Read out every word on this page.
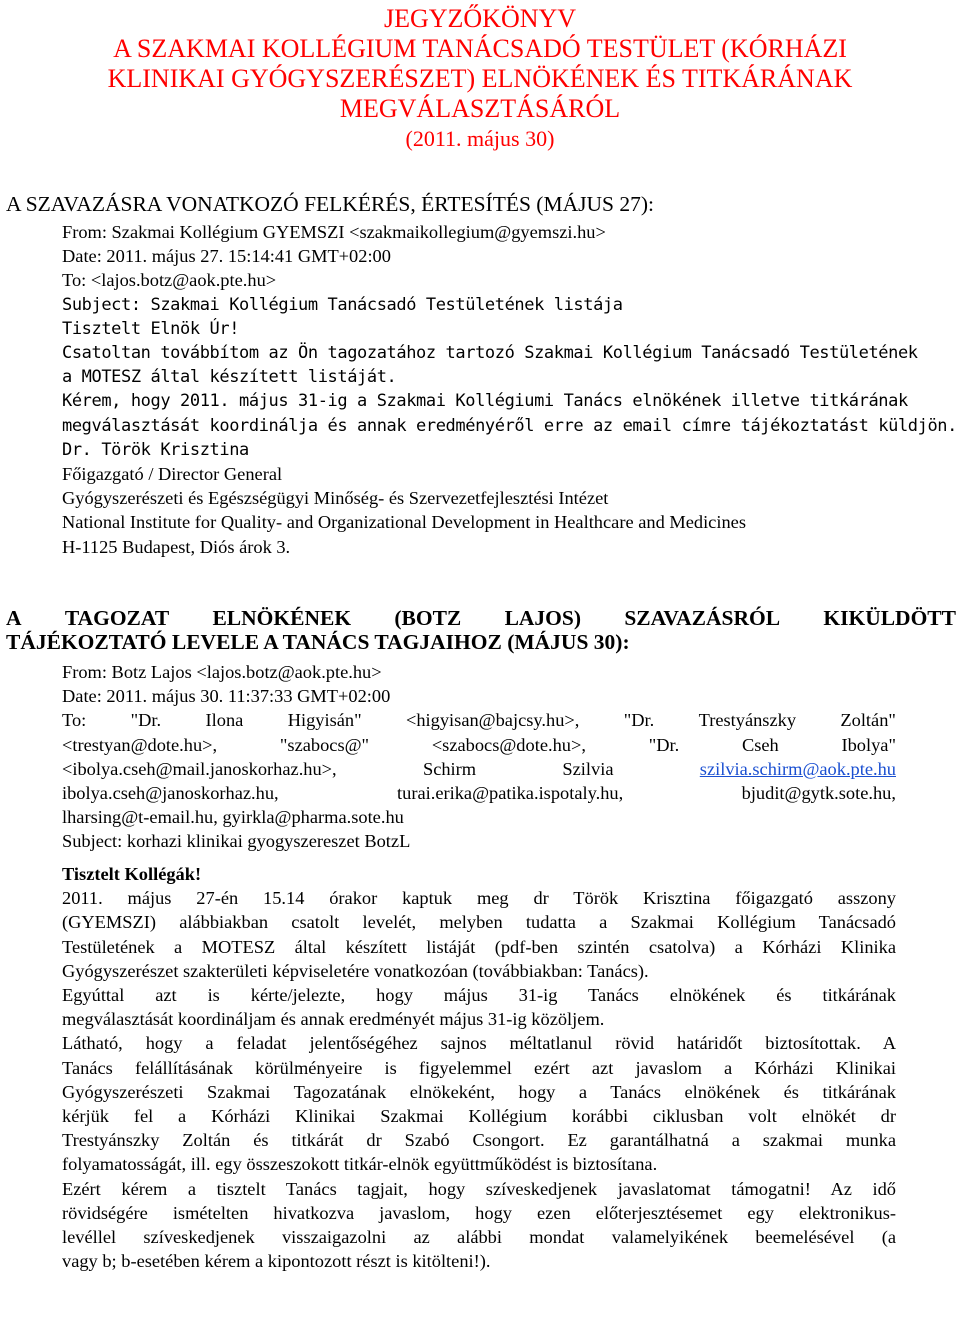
JEGYZŐKÖNYV
A SZAKMAI KOLLÉGIUM TANÁCSADÓ TESTÜLET (KÓRHÁZI
KLINIKAI GYÓGYSZERÉSZET) ELNÖKÉNEK ÉS TITKÁRÁNAK
MEGVÁLASZTÁSÁRÓL
(2011. május 30)
A SZAVAZÁSRA VONATKOZÓ FELKÉRÉS, ÉRTESÍTÉS (MÁJUS 27):
From: Szakmai Kollégium GYEMSZI <szakmaikollegium@gyemszi.hu>
Date: 2011. május 27. 15:14:41 GMT+02:00
To: <lajos.botz@aok.pte.hu>
Subject: Szakmai Kollégium Tanácsadó Testületének listája
Tisztelt Elnök Úr!
Csatoltan továbbítom az Ön tagozatához tartozó Szakmai Kollégium Tanácsadó Testületének
a MOTESZ által készített listáját.
Kérem, hogy 2011. május 31-ig a Szakmai Kollégiumi Tanács elnökének illetve titkárának
megválasztását koordinálja és annak eredményéről erre az email címre tájékoztatást küldjön.
Dr. Török Krisztina
Főigazgató / Director General
Gyógyszerészeti és Egészségügyi Minőség- és Szervezetfejlesztési Intézet
National Institute for Quality- and Organizational Development in Healthcare and Medicines
H-1125 Budapest, Diós árok 3.
A TAGOZAT ELNÖKÉNEK (BOTZ LAJOS) SZAVAZÁSRÓL KIKÜLDÖTT
TÁJÉKOZTATÓ LEVELE A TANÁCS TAGJAIHOZ (MÁJUS 30):
From: Botz Lajos <lajos.botz@aok.pte.hu>
Date: 2011. május 30. 11:37:33 GMT+02:00
To: "Dr. Ilona Higyisán" <higyisan@bajcsy.hu>, "Dr. Trestyánszky Zoltán"
<trestyan@dote.hu>,	"szabocs@"	<szabocs@dote.hu>,	"Dr.	Cseh	Ibolya"
<ibolya.cseh@mail.janoskorhaz.hu>,	Schirm	Szilvia	szilvia.schirm@aok.pte.hu
ibolya.cseh@janoskorhaz.hu,	turai.erika@patika.ispotaly.hu,	bjudit@gytk.sote.hu,
lharsing@t-email.hu, gyirkla@pharma.sote.hu
Subject: korhazi klinikai gyogyszereszet BotzL
Tisztelt Kollégák!
2011. május 27-én 15.14 órakor kaptuk meg dr Török Krisztina főigazgató asszony
(GYEMSZI) alábbiakban csatolt levelét, melyben tudatta a Szakmai Kollégium Tanácsadó
Testületének a MOTESZ által készített listáját (pdf-ben szintén csatolva) a Kórházi Klinika
Gyógyszerészet szakterületi képviseletére vonatkozóan (továbbiakban: Tanács).
Egyúttal azt is kérte/jelezte, hogy május 31-ig Tanács elnökének és titkárának
megválasztását koordináljam és annak eredményét május 31-ig közöljem.
Látható, hogy a feladat jelentőségéhez sajnos méltatlanul rövid határidőt biztosítottak. A
Tanács felállításának körülményeire is figyelemmel ezért azt javaslom a Kórházi Klinikai
Gyógyszerészeti Szakmai Tagozatának elnökeként, hogy a Tanács elnökének és titkárának
kérjük fel a Kórházi Klinikai Szakmai Kollégium korábbi ciklusban volt elnökét dr
Trestyánszky Zoltán és titkárát dr Szabó Csongort. Ez garantálhatná a szakmai munka
folyamatosságát, ill. egy összeszokott titkár-elnök együttműködést is biztosítana.
Ezért kérem a tisztelt Tanács tagjait, hogy szíveskedjenek javaslatomat támogatni! Az idő
rövidségére ismételten hivatkozva javaslom, hogy ezen előterjesztésemet egy elektronikus-
levéllel szíveskedjenek visszaigazolni az alábbi mondat valamelyikének beemelésével (a
vagy b; b-esetében kérem a kipontozott részt is kitölteni!).
